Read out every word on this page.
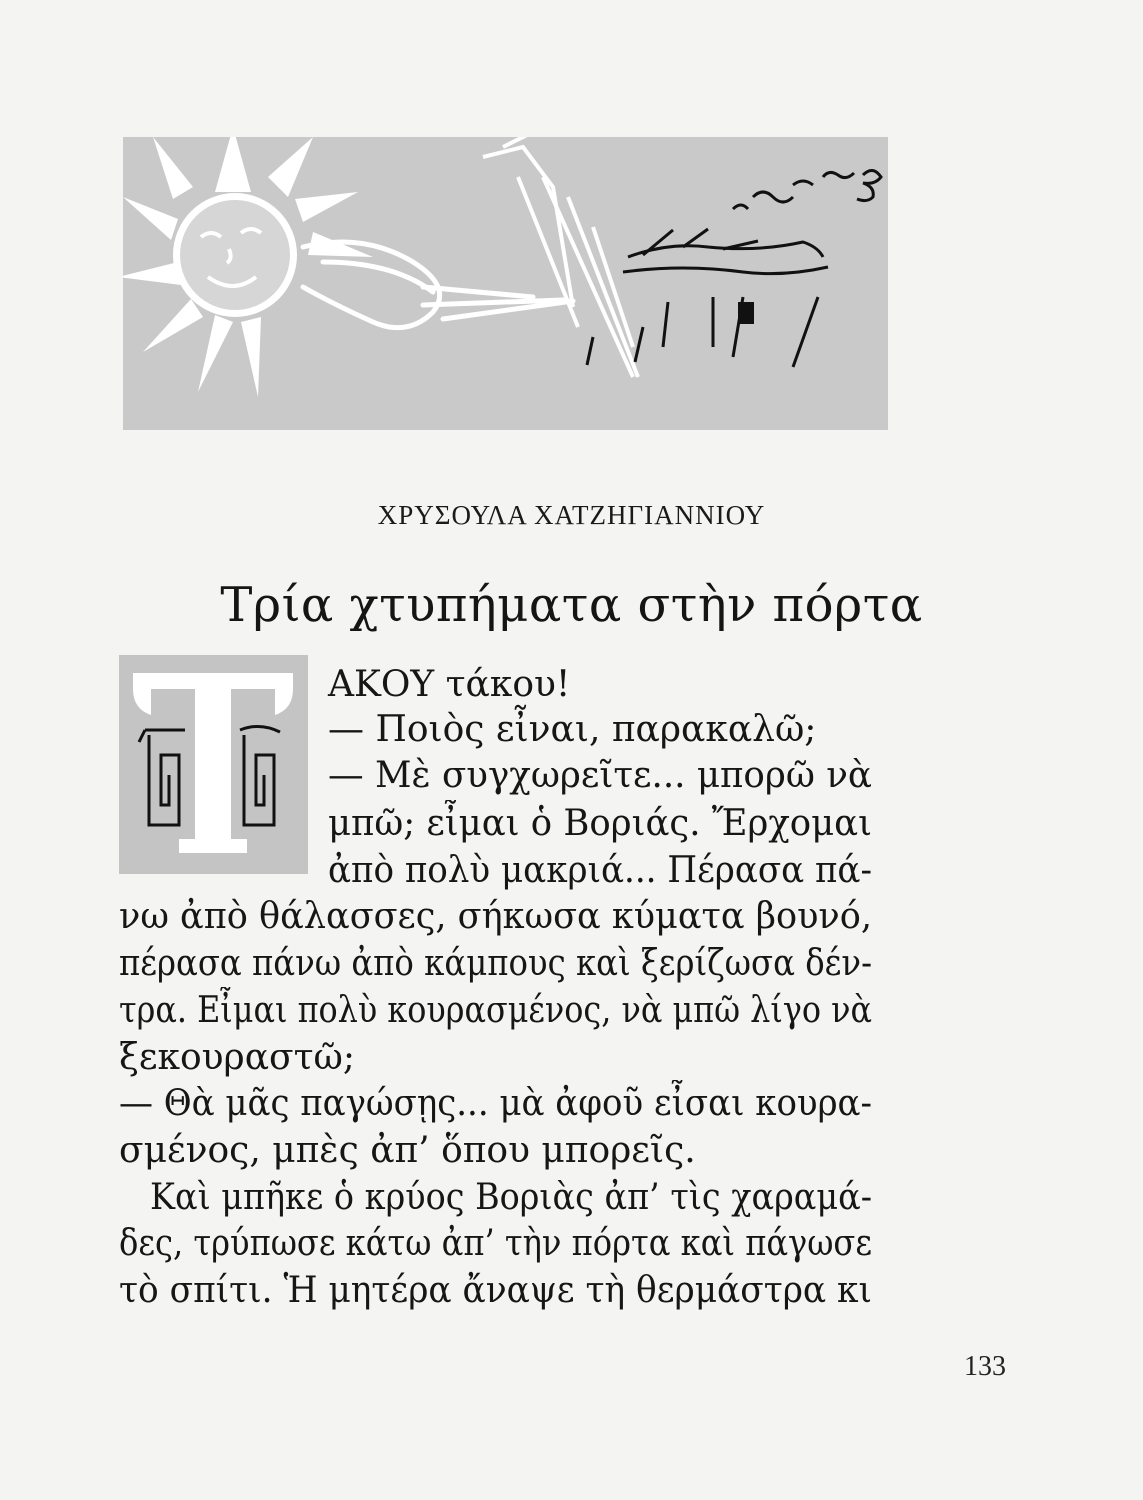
ΧΡΥΣΟΥΛΑ ΧΑΤΖΗΓΙΑΝΝΙΟΥ
Τρία χτυπήματα στὴν πόρτα
ΑΚΟΥ τάκου!
— Ποιὸς εἶναι, παρακαλῶ;
— Μὲ συγχωρεῖτε... μπορῶ νὰ
μπῶ; εἶμαι ὁ Βοριάς. Ἔρχομαι
ἀπὸ πολὺ μακριά... Πέρασα πά-
νω ἀπὸ θάλασσες, σήκωσα κύματα βουνό,
πέρασα πάνω ἀπὸ κάμπους καὶ ξερίζωσα δέν-
τρα. Εἶμαι πολὺ κουρασμένος, νὰ μπῶ λίγο νὰ
ξεκουραστῶ;
— Θὰ μᾶς παγώσῃς... μὰ ἀφοῦ εἶσαι κουρα-
σμένος, μπὲς ἀπ’ ὅπου μπορεῖς.
Καὶ μπῆκε ὁ κρύος Βοριὰς ἀπ’ τὶς χαραμά-
δες, τρύπωσε κάτω ἀπ’ τὴν πόρτα καὶ πάγωσε
τὸ σπίτι. Ἡ μητέρα ἄναψε τὴ θερμάστρα κι
133
